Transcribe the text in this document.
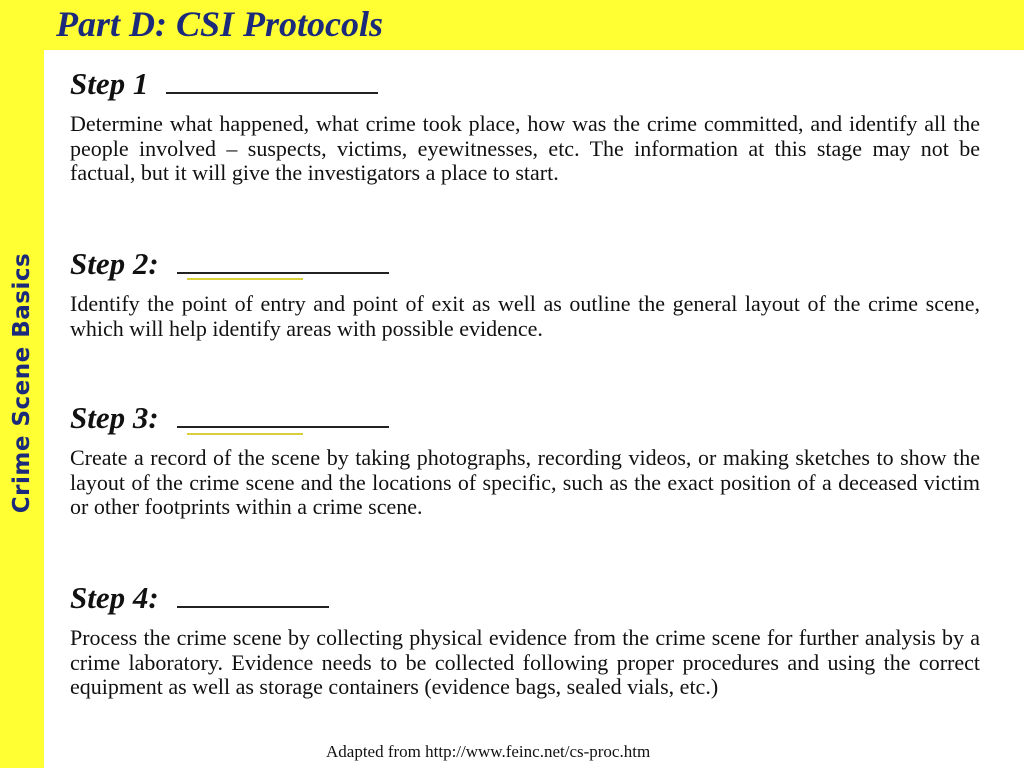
Crime Scene Basics
Part D: CSI Protocols
Step 1
Determine what happened, what crime took place, how was the crime committed, and identify all the people involved – suspects, victims, eyewitnesses, etc. The information at this stage may not be factual, but it will give the investigators a place to start.
Step 2:
Identify the point of entry and point of exit as well as outline the general layout of the crime scene, which will help identify areas with possible evidence.
Step 3:
Create a record of the scene by taking photographs, recording videos, or making sketches to show the layout of the crime scene and the locations of specific, such as the exact position of a deceased victim or other footprints within a crime scene.
Step 4:
Process the crime scene by collecting physical evidence from the crime scene for further analysis by a crime laboratory. Evidence needs to be collected following proper procedures and using the correct equipment as well as storage containers (evidence bags, sealed vials, etc.)
Adapted from http://www.feinc.net/cs-proc.htm
